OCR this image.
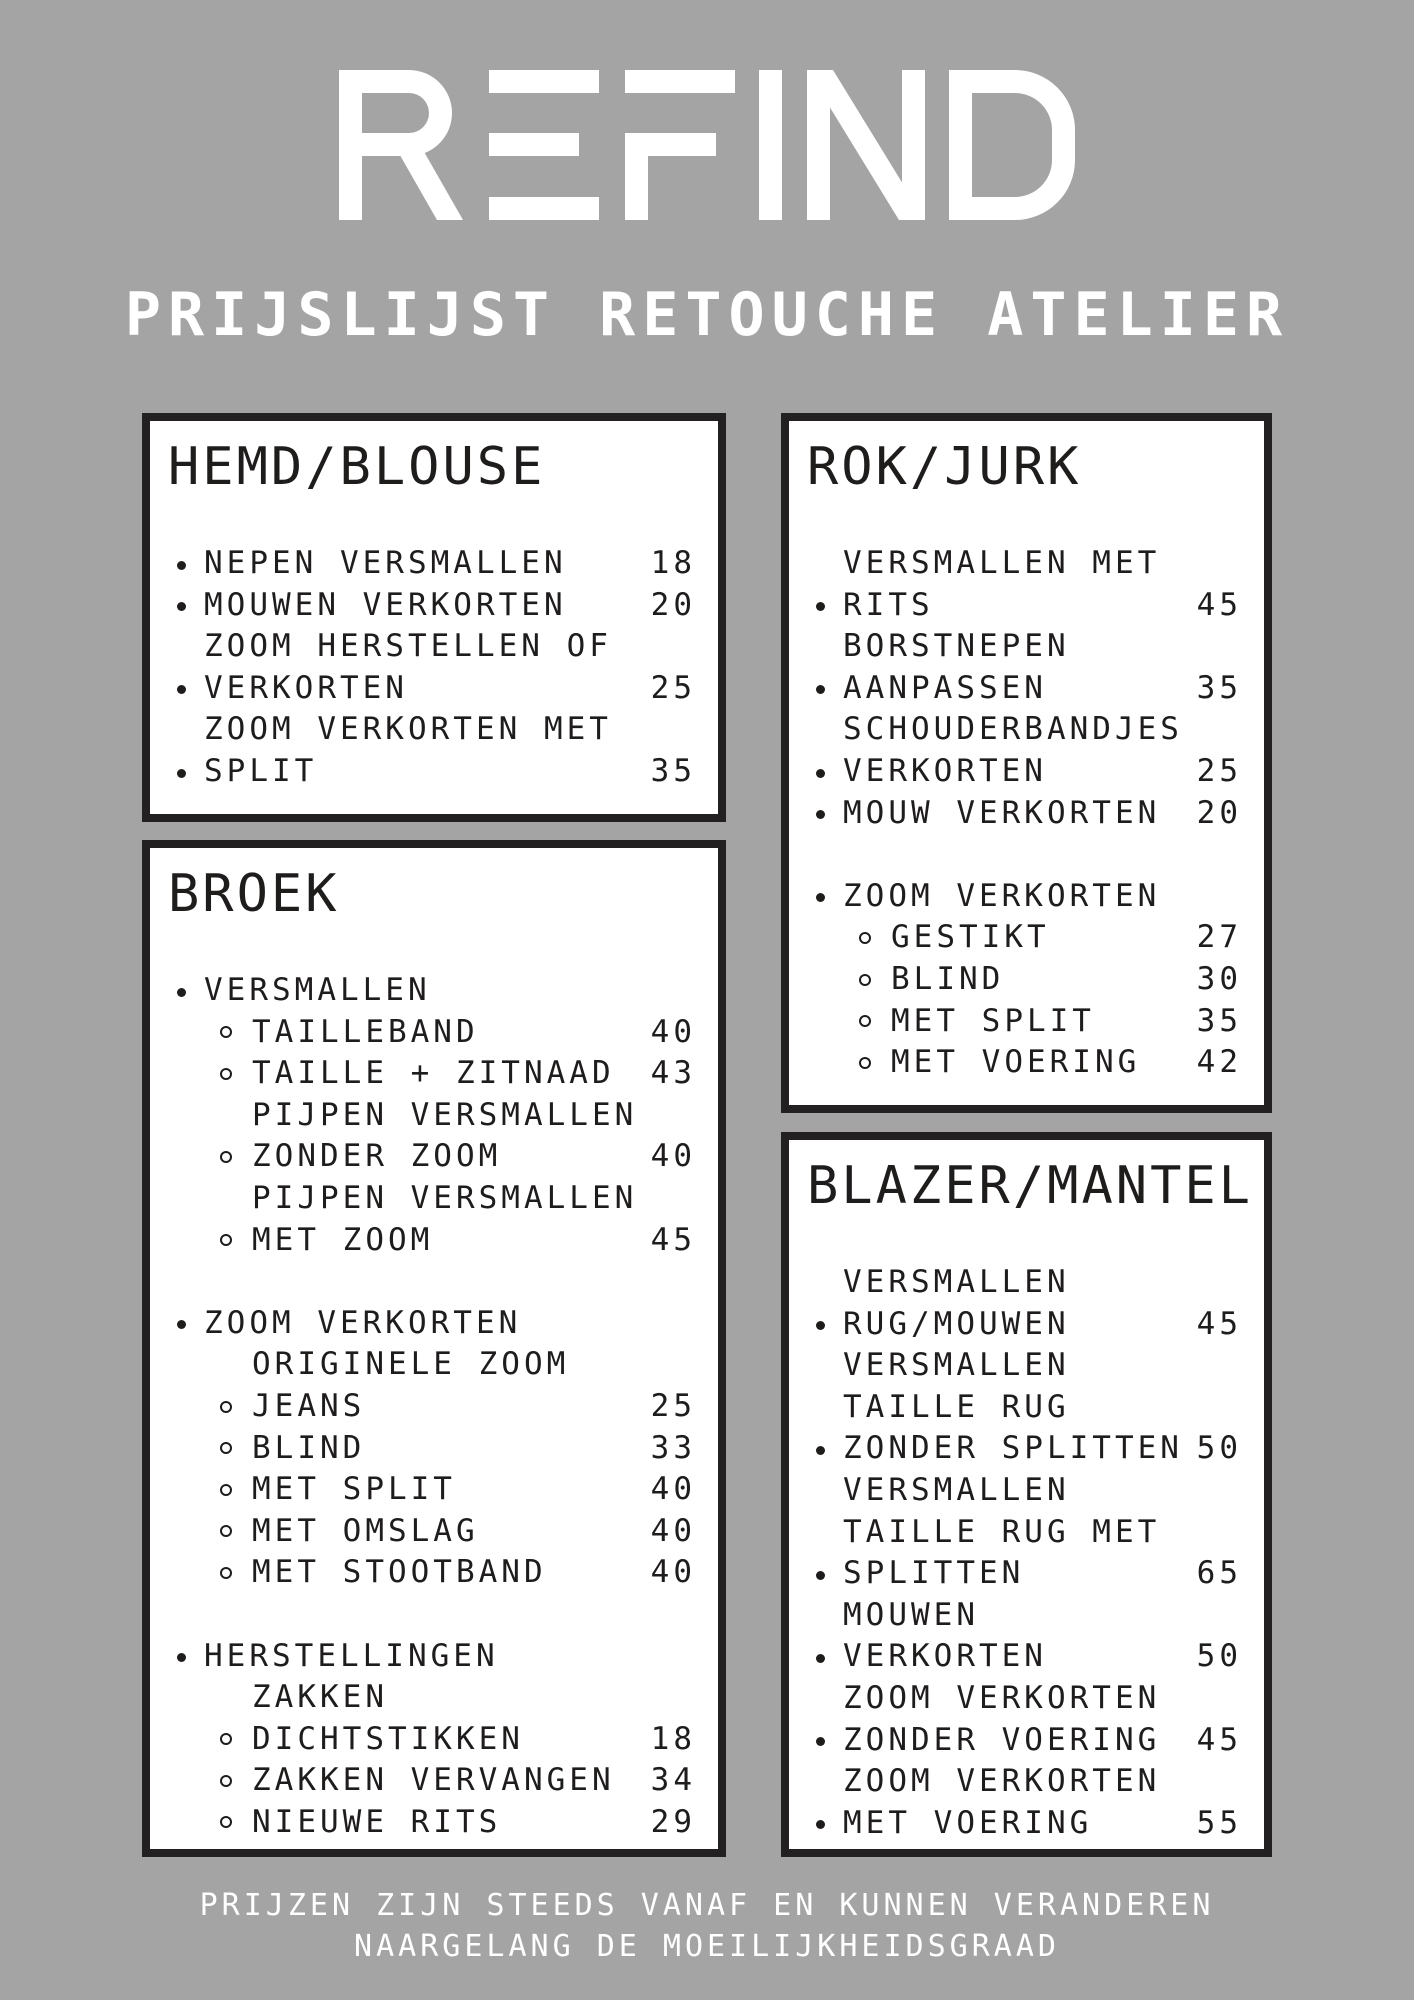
PRIJSLIJST RETOUCHE ATELIER
HEMD/BLOUSE
NEPEN VERSMALLEN	18
MOUWEN VERKORTEN	20
ZOOM HERSTELLEN OF
VERKORTEN	25
ZOOM VERKORTEN MET
SPLIT	35
BROEK
VERSMALLEN
TAILLEBAND	40
TAILLE + ZITNAAD	43
PIJPEN VERSMALLEN
ZONDER ZOOM	40
PIJPEN VERSMALLEN
MET ZOOM	45
ZOOM VERKORTEN
ORIGINELE ZOOM
JEANS	25
BLIND	33
MET SPLIT	40
MET OMSLAG	40
MET STOOTBAND	40
HERSTELLINGEN
ZAKKEN
DICHTSTIKKEN	18
ZAKKEN VERVANGEN	34
NIEUWE RITS	29
ROK/JURK
VERSMALLEN MET
RITS	45
BORSTNEPEN
AANPASSEN	35
SCHOUDERBANDJES
VERKORTEN	25
MOUW VERKORTEN	20
ZOOM VERKORTEN
GESTIKT	27
BLIND	30
MET SPLIT	35
MET VOERING	42
BLAZER/MANTEL
VERSMALLEN
RUG/MOUWEN	45
VERSMALLEN
TAILLE RUG
ZONDER SPLITTEN 50
VERSMALLEN
TAILLE RUG MET
SPLITTEN	65
MOUWEN
VERKORTEN	50
ZOOM VERKORTEN
ZONDER VOERING	45
ZOOM VERKORTEN
MET VOERING	55
PRIJZEN ZIJN STEEDS VANAF EN KUNNEN VERANDEREN
NAARGELANG DE MOEILIJKHEIDSGRAAD
